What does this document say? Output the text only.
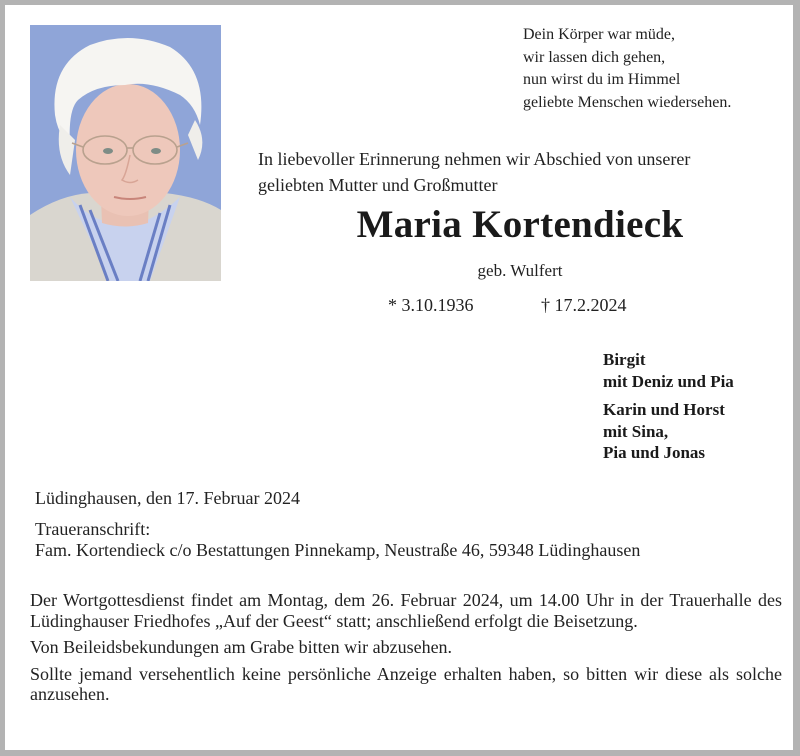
Dein Körper war müde,
wir lassen dich gehen,
nun wirst du im Himmel
geliebte Menschen wiedersehen.
In liebevoller Erinnerung nehmen wir Abschied von unserer
geliebten Mutter und Großmutter
Maria Kortendieck
geb. Wulfert
* 3.10.1936	† 17.2.2024
Birgit
mit Deniz und Pia
Karin und Horst
mit Sina,
Pia und Jonas
Lüdinghausen, den 17. Februar 2024
Traueranschrift:
Fam. Kortendieck c/o Bestattungen Pinnekamp, Neustraße 46, 59348 Lüdinghausen

Der Wortgottesdienst findet am Montag, dem 26. Februar 2024, um 14.00 Uhr in der Trauerhalle des Lüdinghauser Friedhofes „Auf der Geest“ statt; anschließend erfolgt die Beisetzung.

Von Beileidsbekundungen am Grabe bitten wir abzusehen.

Sollte jemand versehentlich keine persönliche Anzeige erhalten haben, so bitten wir diese als solche anzusehen.
